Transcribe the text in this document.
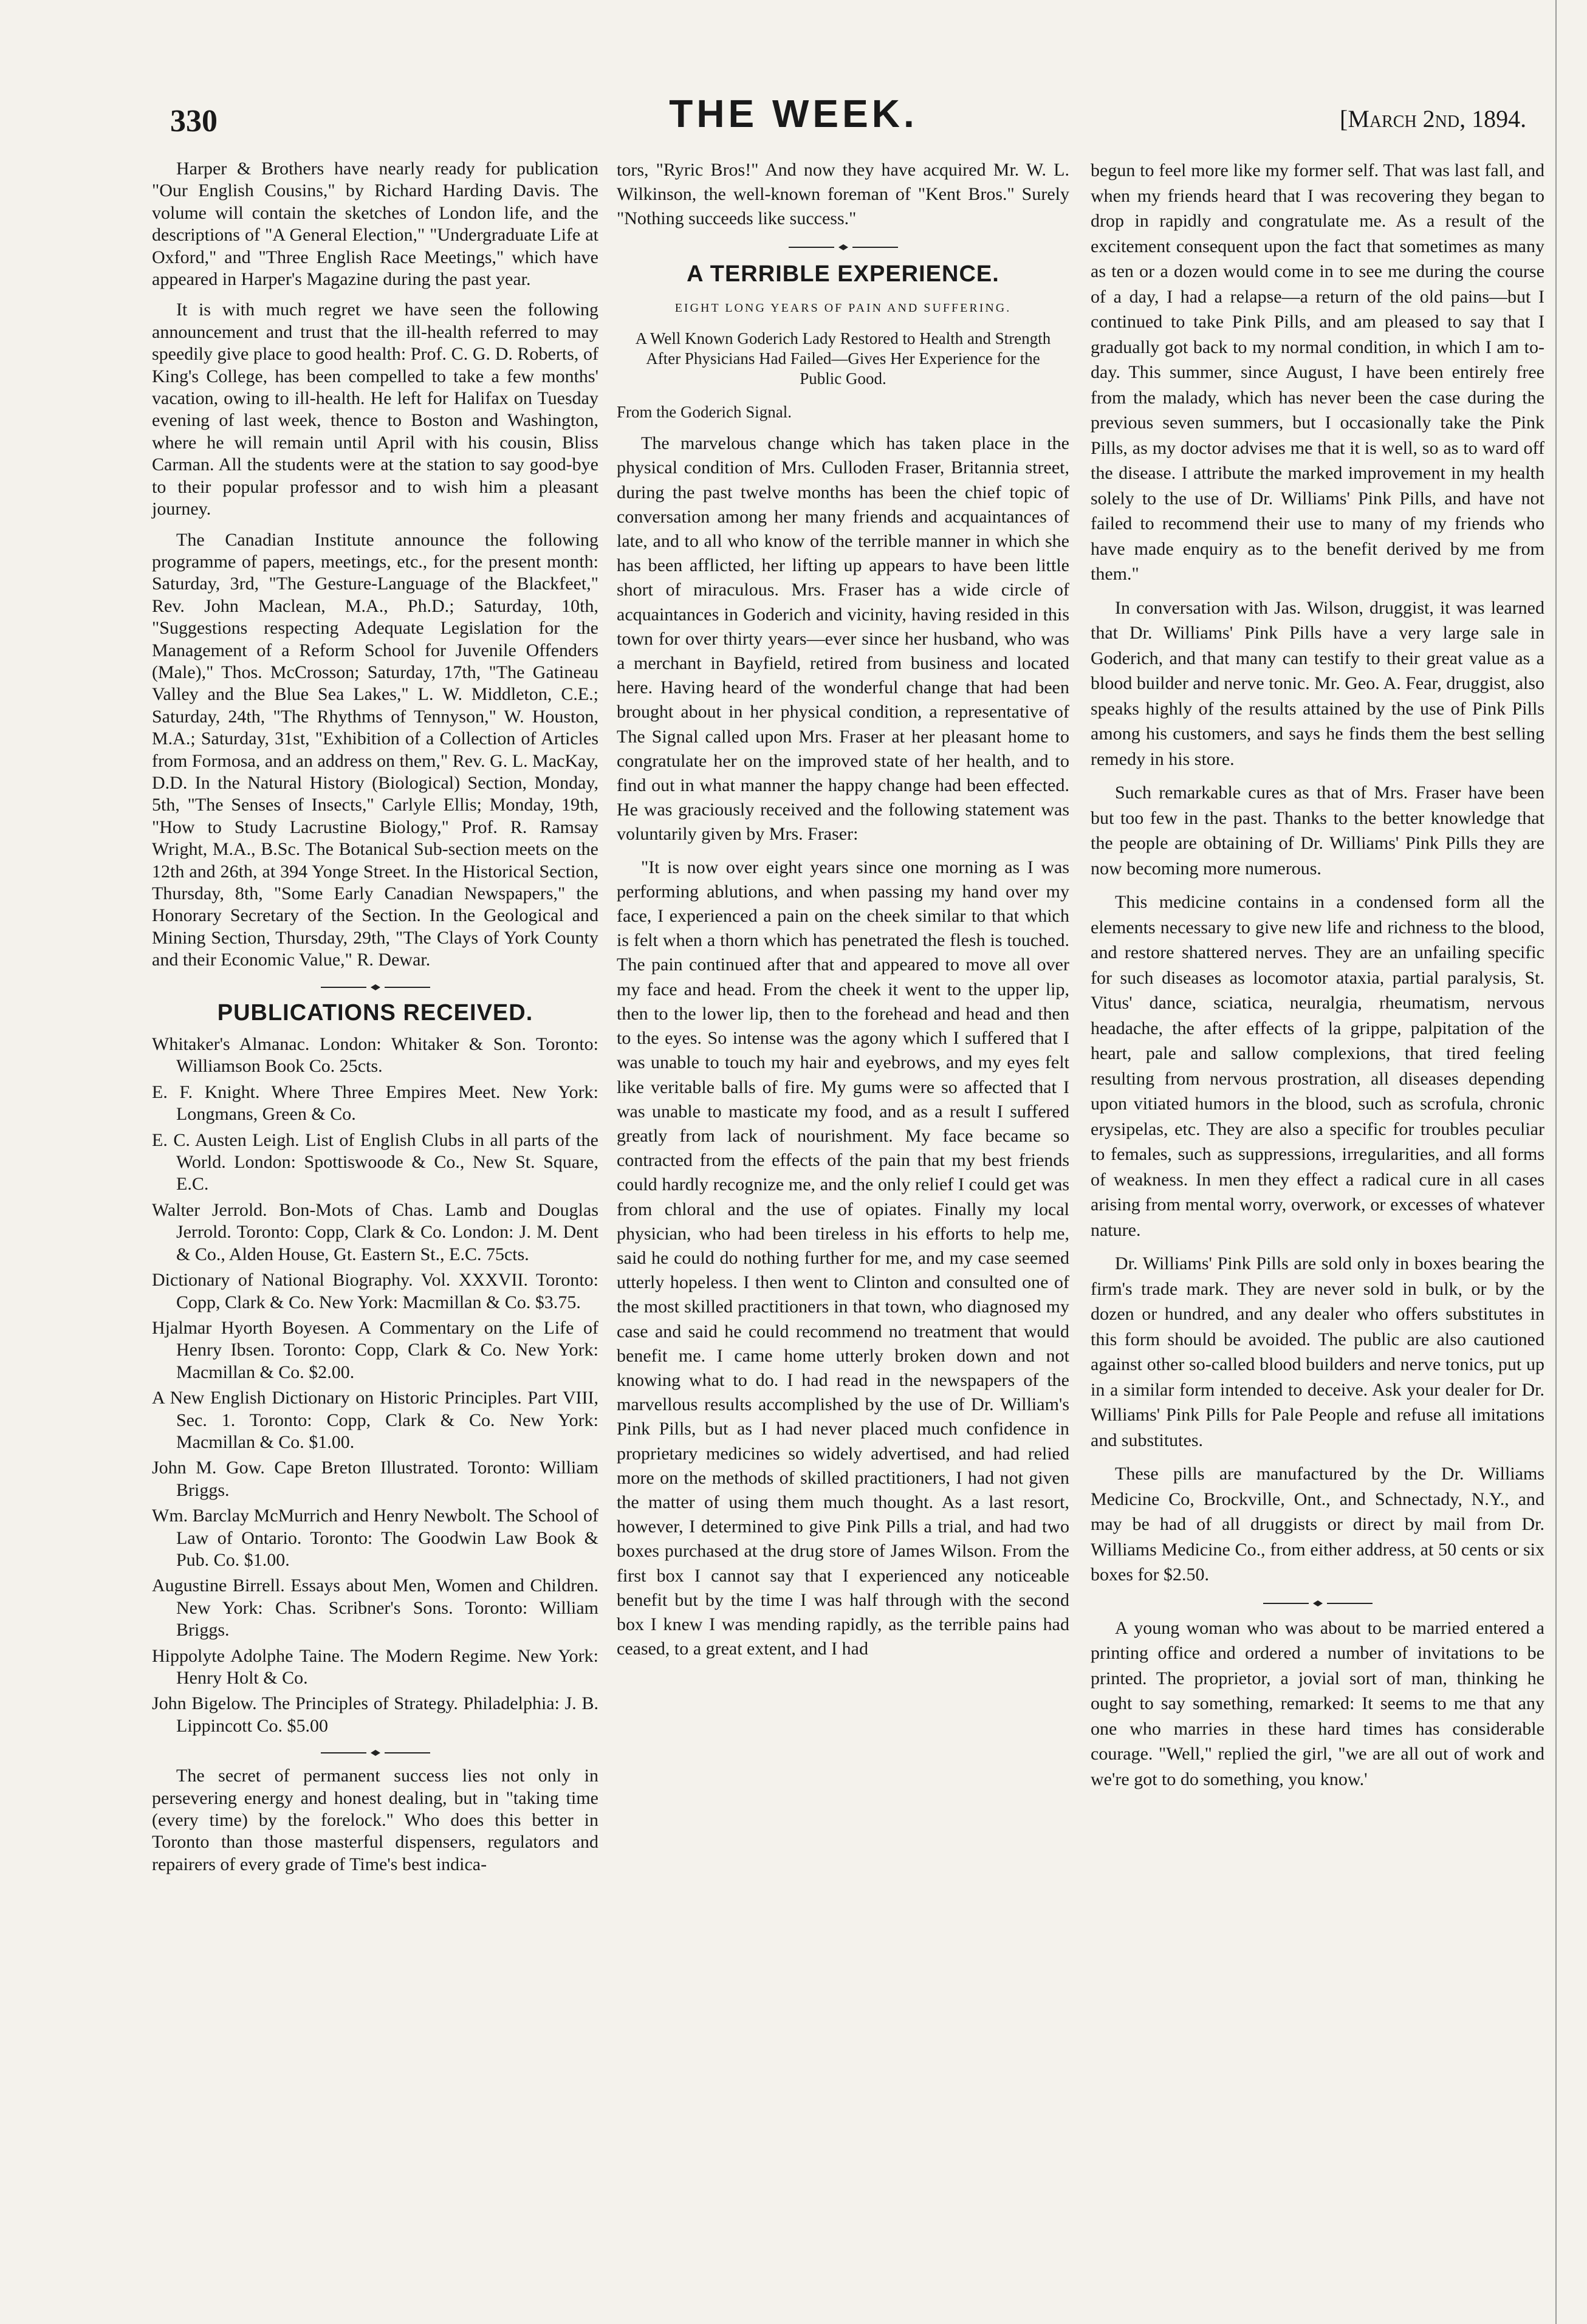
330	THE WEEK.	[March 2nd, 1894.

Harper & Brothers have nearly ready for publication "Our English Cousins," by Richard Harding Davis. The volume will contain the sketches of London life, and the descriptions of "A General Election," "Undergraduate Life at Oxford," and "Three English Race Meetings," which have appeared in Harper's Magazine during the past year.

It is with much regret we have seen the following announcement and trust that the ill-health referred to may speedily give place to good health: Prof. C. G. D. Roberts, of King's College, has been compelled to take a few months' vacation, owing to ill-health. He left for Halifax on Tuesday evening of last week, thence to Boston and Washington, where he will remain until April with his cousin, Bliss Carman. All the students were at the station to say good-bye to their popular professor and to wish him a pleasant journey.

The Canadian Institute announce the following programme of papers, meetings, etc., for the present month: Saturday, 3rd, "The Gesture-Language of the Blackfeet," Rev. John Maclean, M.A., Ph.D.; Saturday, 10th, "Suggestions respecting Adequate Legislation for the Management of a Reform School for Juvenile Offenders (Male)," Thos. McCrosson; Saturday, 17th, "The Gatineau Valley and the Blue Sea Lakes," L. W. Middleton, C.E.; Saturday, 24th, "The Rhythms of Tennyson," W. Houston, M.A.; Saturday, 31st, "Exhibition of a Collection of Articles from Formosa, and an address on them," Rev. G. L. MacKay, D.D. In the Natural History (Biological) Section, Monday, 5th, "The Senses of Insects," Carlyle Ellis; Monday, 19th, "How to Study Lacrustine Biology," Prof. R. Ramsay Wright, M.A., B.Sc. The Botanical Sub-section meets on the 12th and 26th, at 394 Yonge Street. In the Historical Section, Thursday, 8th, "Some Early Canadian Newspapers," the Honorary Secretary of the Section. In the Geological and Mining Section, Thursday, 29th, "The Clays of York County and their Economic Value," R. Dewar.

PUBLICATIONS RECEIVED.

Whitaker's Almanac. London: Whitaker & Son. Toronto: Williamson Book Co. 25cts.

E. F. Knight. Where Three Empires Meet. New York: Longmans, Green & Co.

E. C. Austen Leigh. List of English Clubs in all parts of the World. London: Spottiswoode & Co., New St. Square, E.C.

Walter Jerrold. Bon-Mots of Chas. Lamb and Douglas Jerrold. Toronto: Copp, Clark & Co. London: J. M. Dent & Co., Alden House, Gt. Eastern St., E.C. 75cts.

Dictionary of National Biography. Vol. XXXVII. Toronto: Copp, Clark & Co. New York: Macmillan & Co. $3.75.

Hjalmar Hyorth Boyesen. A Commentary on the Life of Henry Ibsen. Toronto: Copp, Clark & Co. New York: Macmillan & Co. $2.00.

A New English Dictionary on Historic Principles. Part VIII, Sec. 1. Toronto: Copp, Clark & Co. New York: Macmillan & Co. $1.00.

John M. Gow. Cape Breton Illustrated. Toronto: William Briggs.

Wm. Barclay McMurrich and Henry Newbolt. The School of Law of Ontario. Toronto: The Goodwin Law Book & Pub. Co. $1.00.

Augustine Birrell. Essays about Men, Women and Children. New York: Chas. Scribner's Sons. Toronto: William Briggs.

Hippolyte Adolphe Taine. The Modern Regime. New York: Henry Holt & Co.

John Bigelow. The Principles of Strategy. Philadelphia: J. B. Lippincott Co. $5.00

The secret of permanent success lies not only in persevering energy and honest dealing, but in "taking time (every time) by the forelock." Who does this better in Toronto than those masterful dispensers, regulators and repairers of every grade of Time's best indica-

tors, "Ryric Bros!" And now they have acquired Mr. W. L. Wilkinson, the well-known foreman of "Kent Bros." Surely "Nothing succeeds like success."

A TERRIBLE EXPERIENCE.
EIGHT LONG YEARS OF PAIN AND SUFFERING.
A Well Known Goderich Lady Restored to Health and Strength After Physicians Had Failed—Gives Her Experience for the Public Good.

From the Goderich Signal.

The marvelous change which has taken place in the physical condition of Mrs. Culloden Fraser, Britannia street, during the past twelve months has been the chief topic of conversation among her many friends and acquaintances of late, and to all who know of the terrible manner in which she has been afflicted, her lifting up appears to have been little short of miraculous. Mrs. Fraser has a wide circle of acquaintances in Goderich and vicinity, having resided in this town for over thirty years—ever since her husband, who was a merchant in Bayfield, retired from business and located here. Having heard of the wonderful change that had been brought about in her physical condition, a representative of The Signal called upon Mrs. Fraser at her pleasant home to congratulate her on the improved state of her health, and to find out in what manner the happy change had been effected. He was graciously received and the following statement was voluntarily given by Mrs. Fraser:

"It is now over eight years since one morning as I was performing ablutions, and when passing my hand over my face, I experienced a pain on the cheek similar to that which is felt when a thorn which has penetrated the flesh is touched. The pain continued after that and appeared to move all over my face and head. From the cheek it went to the upper lip, then to the lower lip, then to the forehead and head and then to the eyes. So intense was the agony which I suffered that I was unable to touch my hair and eyebrows, and my eyes felt like veritable balls of fire. My gums were so affected that I was unable to masticate my food, and as a result I suffered greatly from lack of nourishment. My face became so contracted from the effects of the pain that my best friends could hardly recognize me, and the only relief I could get was from chloral and the use of opiates. Finally my local physician, who had been tireless in his efforts to help me, said he could do nothing further for me, and my case seemed utterly hopeless. I then went to Clinton and consulted one of the most skilled practitioners in that town, who diagnosed my case and said he could recommend no treatment that would benefit me. I came home utterly broken down and not knowing what to do. I had read in the newspapers of the marvellous results accomplished by the use of Dr. William's Pink Pills, but as I had never placed much confidence in proprietary medicines so widely advertised, and had relied more on the methods of skilled practitioners, I had not given the matter of using them much thought. As a last resort, however, I determined to give Pink Pills a trial, and had two boxes purchased at the drug store of James Wilson. From the first box I cannot say that I experienced any noticeable benefit but by the time I was half through with the second box I knew I was mending rapidly, as the terrible pains had ceased, to a great extent, and I had

begun to feel more like my former self. That was last fall, and when my friends heard that I was recovering they began to drop in rapidly and congratulate me. As a result of the excitement consequent upon the fact that sometimes as many as ten or a dozen would come in to see me during the course of a day, I had a relapse—a return of the old pains—but I continued to take Pink Pills, and am pleased to say that I gradually got back to my normal condition, in which I am to-day. This summer, since August, I have been entirely free from the malady, which has never been the case during the previous seven summers, but I occasionally take the Pink Pills, as my doctor advises me that it is well, so as to ward off the disease. I attribute the marked improvement in my health solely to the use of Dr. Williams' Pink Pills, and have not failed to recommend their use to many of my friends who have made enquiry as to the benefit derived by me from them."

In conversation with Jas. Wilson, druggist, it was learned that Dr. Williams' Pink Pills have a very large sale in Goderich, and that many can testify to their great value as a blood builder and nerve tonic. Mr. Geo. A. Fear, druggist, also speaks highly of the results attained by the use of Pink Pills among his customers, and says he finds them the best selling remedy in his store.

Such remarkable cures as that of Mrs. Fraser have been but too few in the past. Thanks to the better knowledge that the people are obtaining of Dr. Williams' Pink Pills they are now becoming more numerous.

This medicine contains in a condensed form all the elements necessary to give new life and richness to the blood, and restore shattered nerves. They are an unfailing specific for such diseases as locomotor ataxia, partial paralysis, St. Vitus' dance, sciatica, neuralgia, rheumatism, nervous headache, the after effects of la grippe, palpitation of the heart, pale and sallow complexions, that tired feeling resulting from nervous prostration, all diseases depending upon vitiated humors in the blood, such as scrofula, chronic erysipelas, etc. They are also a specific for troubles peculiar to females, such as suppressions, irregularities, and all forms of weakness. In men they effect a radical cure in all cases arising from mental worry, overwork, or excesses of whatever nature.

Dr. Williams' Pink Pills are sold only in boxes bearing the firm's trade mark. They are never sold in bulk, or by the dozen or hundred, and any dealer who offers substitutes in this form should be avoided. The public are also cautioned against other so-called blood builders and nerve tonics, put up in a similar form intended to deceive. Ask your dealer for Dr. Williams' Pink Pills for Pale People and refuse all imitations and substitutes.

These pills are manufactured by the Dr. Williams Medicine Co, Brockville, Ont., and Schnectady, N.Y., and may be had of all druggists or direct by mail from Dr. Williams Medicine Co., from either address, at 50 cents or six boxes for $2.50.

A young woman who was about to be married entered a printing office and ordered a number of invitations to be printed. The proprietor, a jovial sort of man, thinking he ought to say something, remarked: It seems to me that any one who marries in these hard times has considerable courage. "Well," replied the girl, "we are all out of work and we're got to do something, you know.'
